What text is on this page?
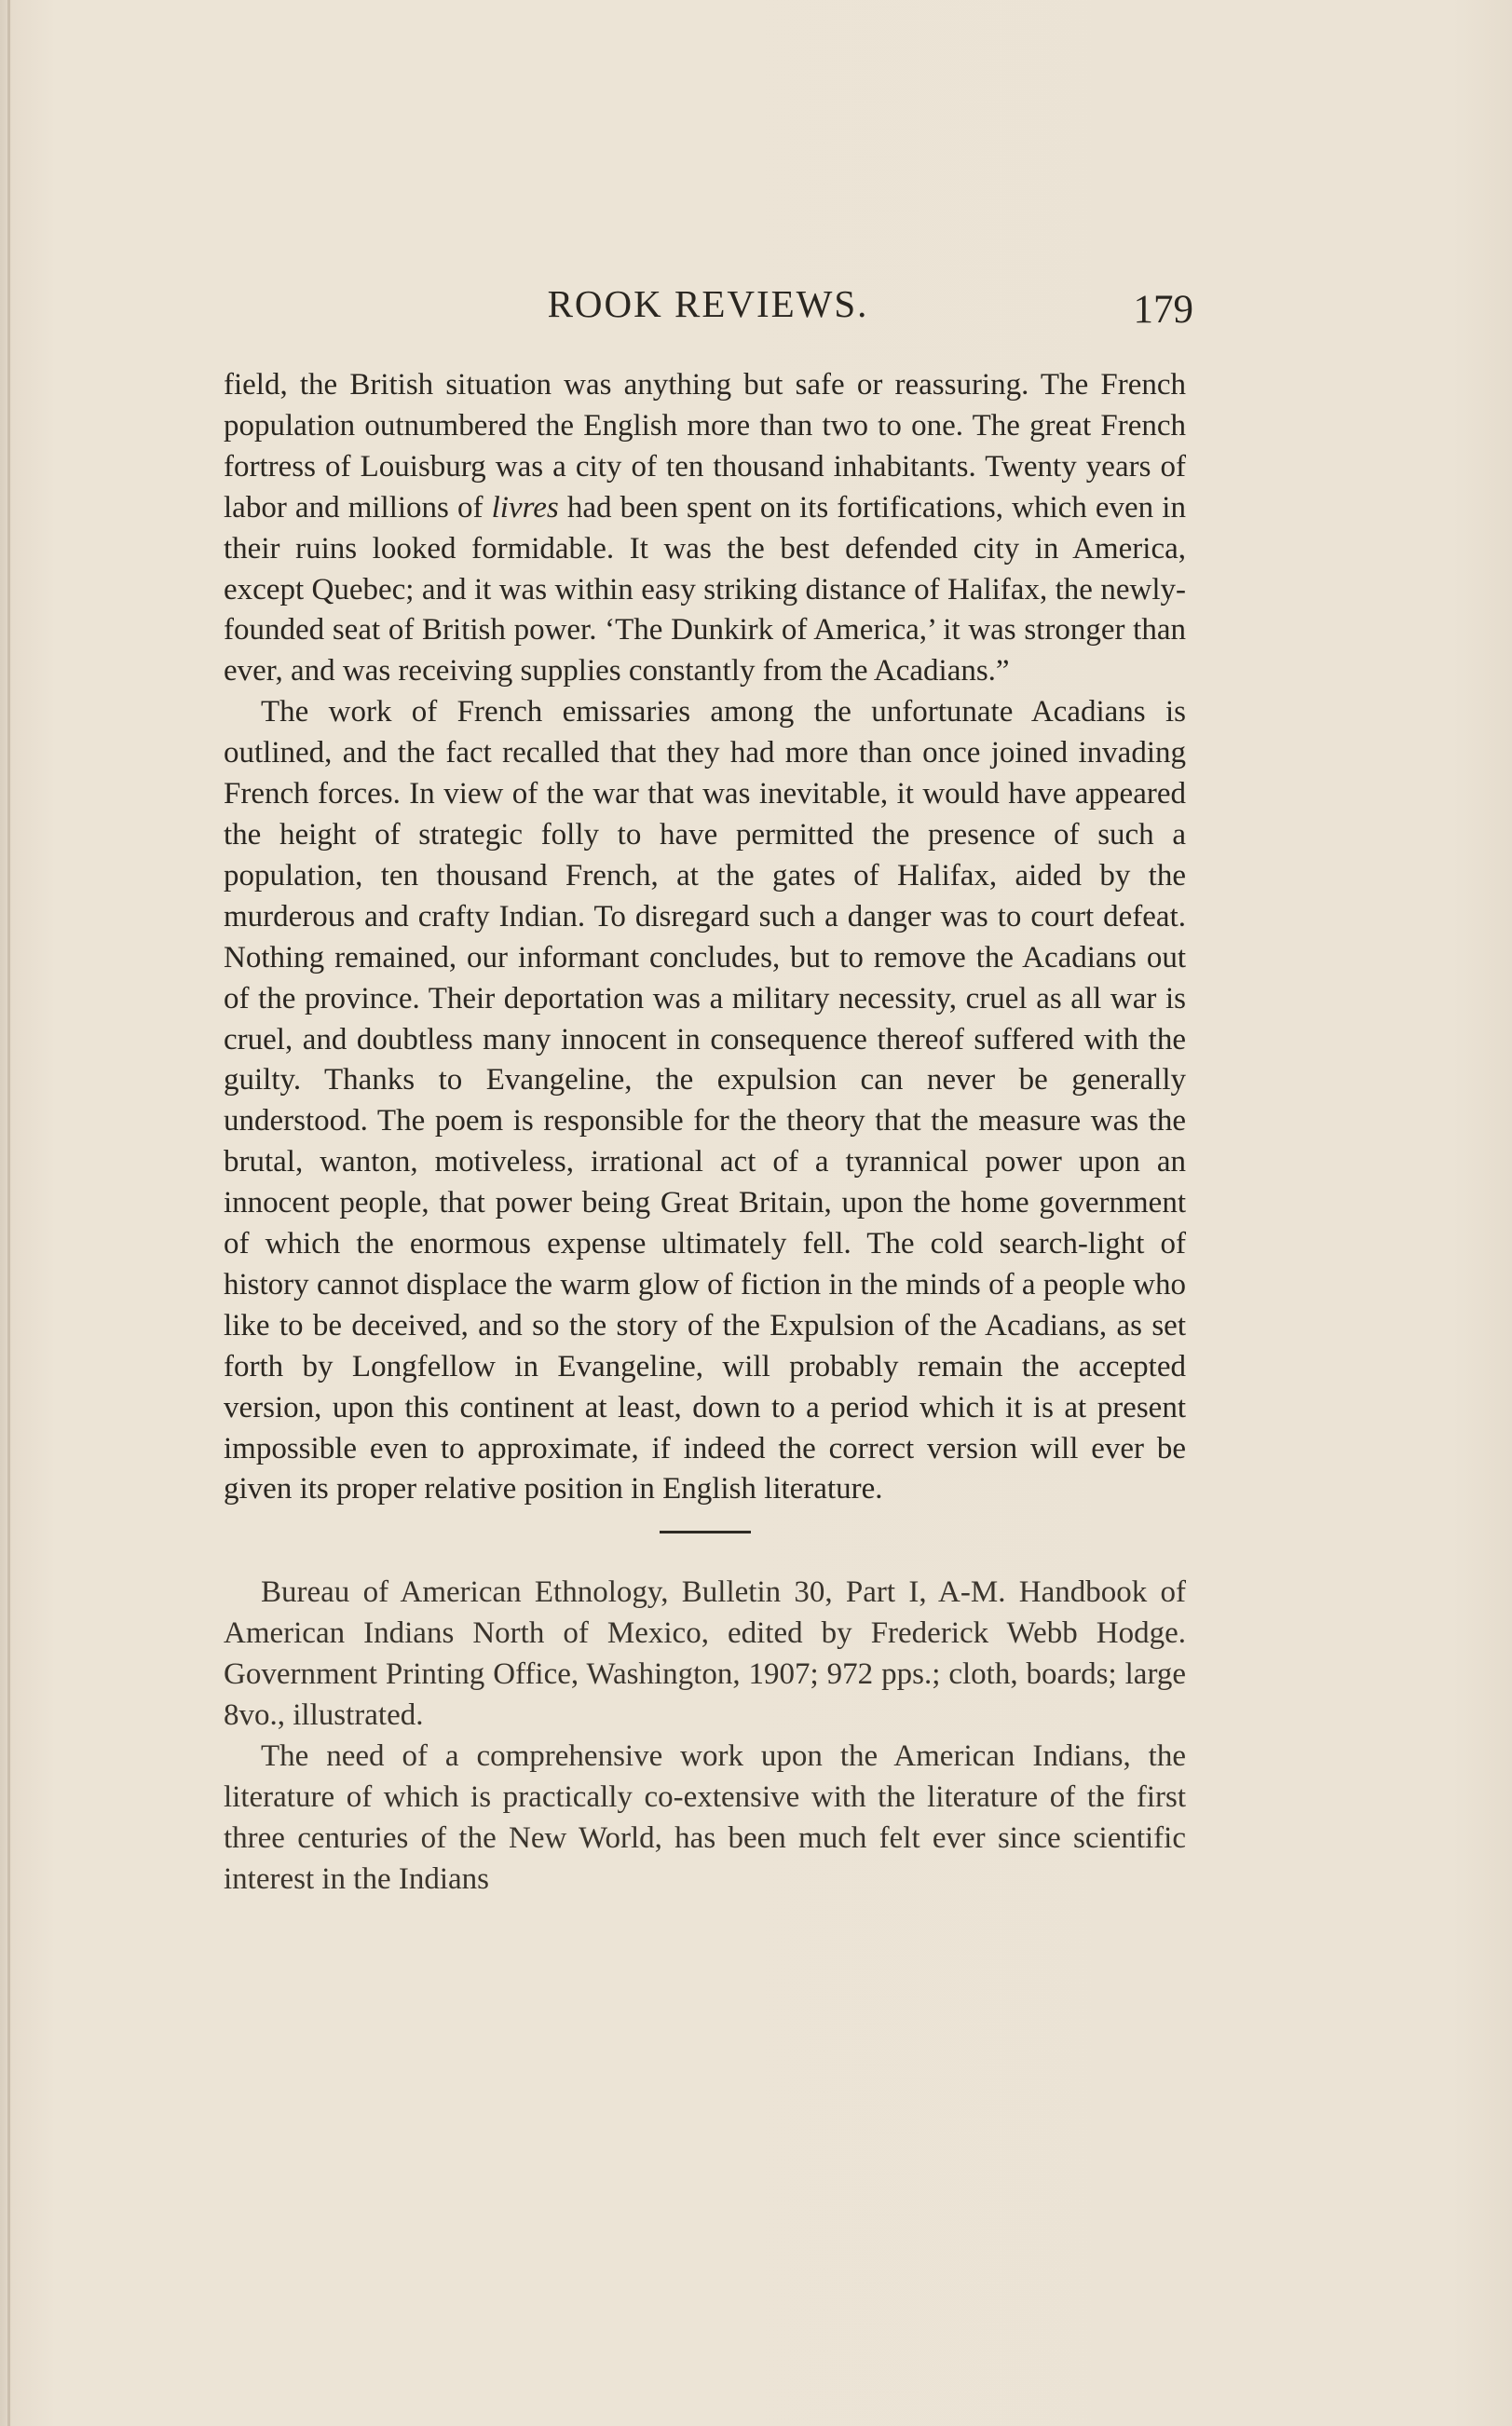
ROOK REVIEWS.	179

field, the British situation was anything but safe or reassuring. The French population outnumbered the English more than two to one. The great French fortress of Louisburg was a city of ten thousand inhabitants. Twenty years of labor and millions of livres had been spent on its fortifications, which even in their ruins looked formidable. It was the best defended city in America, except Quebec; and it was within easy striking distance of Halifax, the newly-founded seat of British power. ‘The Dunkirk of America,’ it was stronger than ever, and was receiving supplies constantly from the Acadians.”

The work of French emissaries among the unfortunate Acadians is outlined, and the fact recalled that they had more than once joined invading French forces. In view of the war that was inevitable, it would have appeared the height of strategic folly to have permitted the presence of such a population, ten thousand French, at the gates of Halifax, aided by the murderous and crafty Indian. To disregard such a danger was to court defeat. Nothing remained, our informant concludes, but to remove the Acadians out of the province. Their deportation was a military necessity, cruel as all war is cruel, and doubtless many innocent in consequence thereof suffered with the guilty. Thanks to Evangeline, the expulsion can never be generally understood. The poem is responsible for the theory that the measure was the brutal, wanton, motiveless, irrational act of a tyrannical power upon an innocent people, that power being Great Britain, upon the home government of which the enormous expense ultimately fell. The cold search-light of history cannot displace the warm glow of fiction in the minds of a people who like to be deceived, and so the story of the Expulsion of the Acadians, as set forth by Longfellow in Evangeline, will probably remain the accepted version, upon this continent at least, down to a period which it is at present impossible even to approximate, if indeed the correct version will ever be given its proper relative position in English literature.

Bureau of American Ethnology, Bulletin 30, Part I, A-M. Handbook of American Indians North of Mexico, edited by Frederick Webb Hodge. Government Printing Office, Washington, 1907; 972 pps.; cloth, boards; large 8vo., illustrated.

The need of a comprehensive work upon the American Indians, the literature of which is practically co-extensive with the literature of the first three centuries of the New World, has been much felt ever since scientific interest in the Indians
